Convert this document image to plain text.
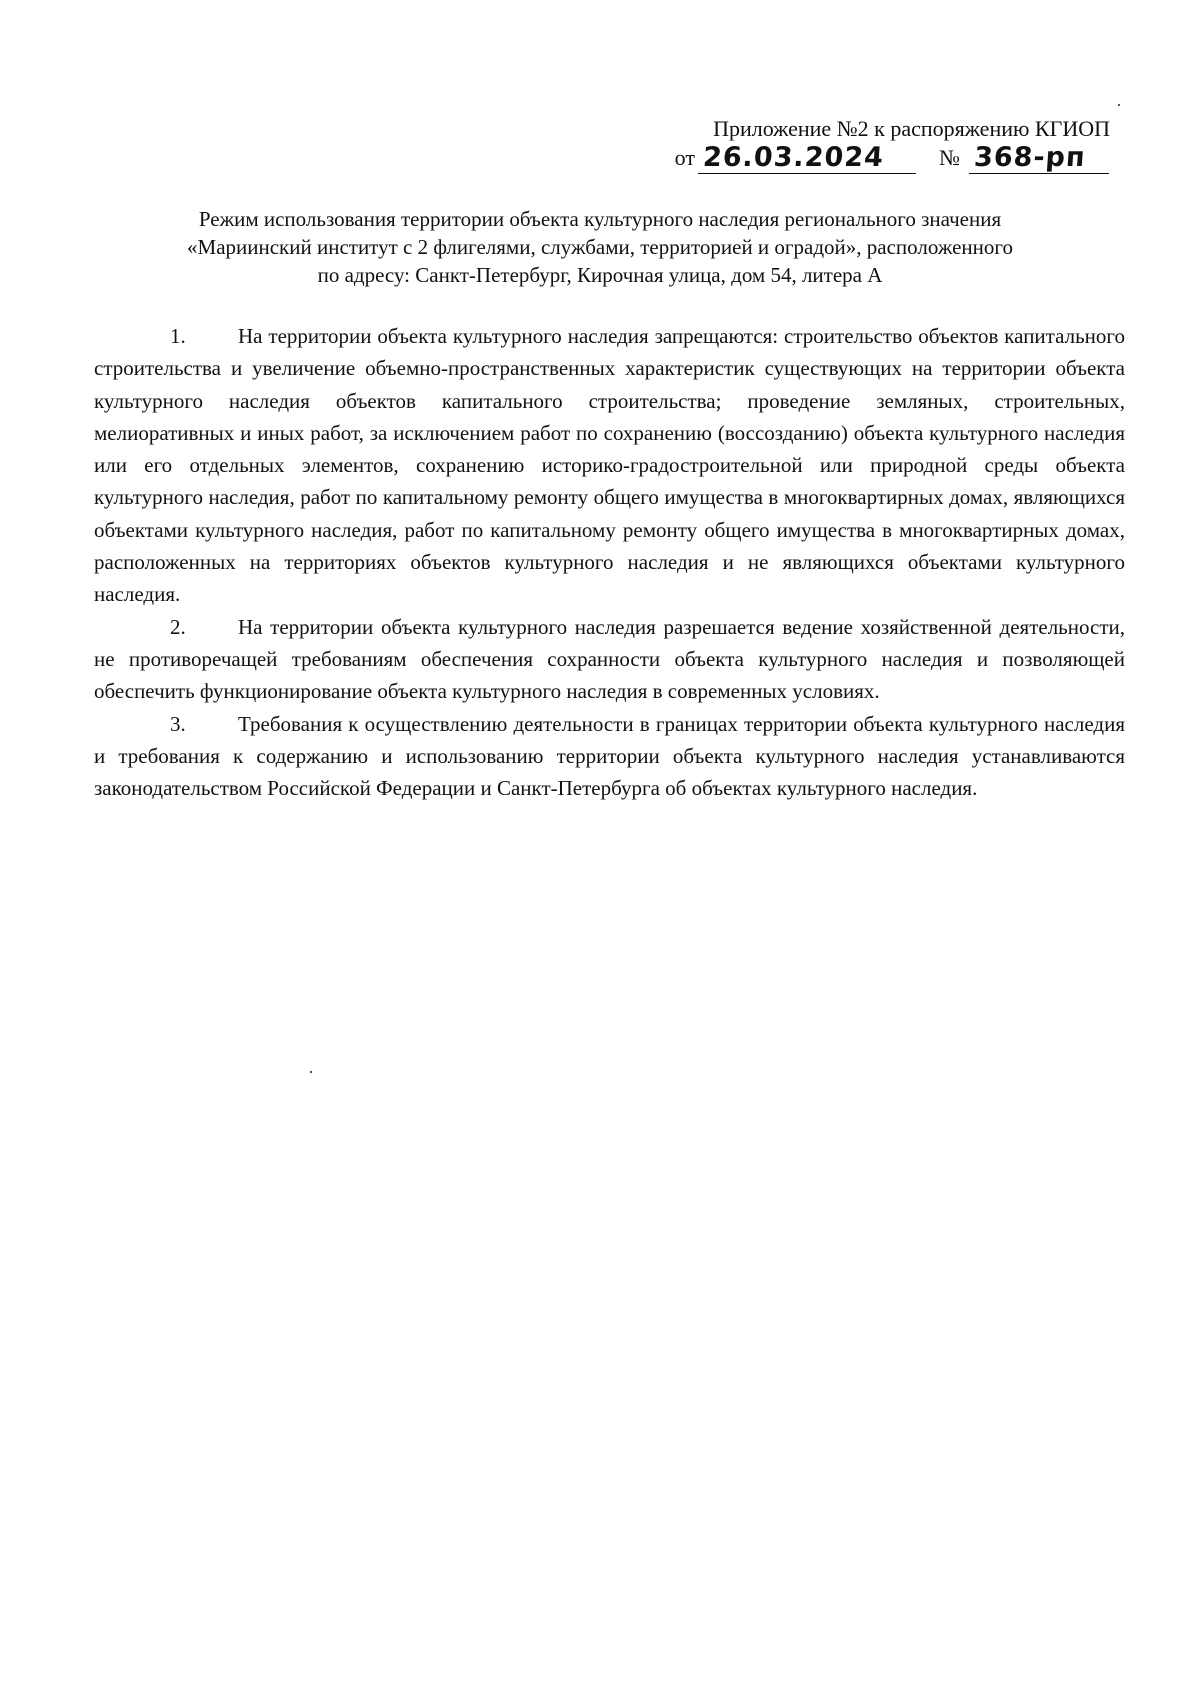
Приложение №2 к распоряжению КГИОП
от 26.03.2024	№ 368-рп
Режим использования территории объекта культурного наследия регионального значения
«Мариинский институт с 2 флигелями, службами, территорией и оградой», расположенного
по адресу: Санкт-Петербург, Кирочная улица, дом 54, литера А

1. На территории объекта культурного наследия запрещаются: строительство объектов капитального строительства и увеличение объемно-пространственных характеристик существующих на территории объекта культурного наследия объектов капитального строительства; проведение земляных, строительных, мелиоративных и иных работ, за исключением работ по сохранению (воссозданию) объекта культурного наследия или его отдельных элементов, сохранению историко-градостроительной или природной среды объекта культурного наследия, работ по капитальному ремонту общего имущества в многоквартирных домах, являющихся объектами культурного наследия, работ по капитальному ремонту общего имущества в многоквартирных домах, расположенных на территориях объектов культурного наследия и не являющихся объектами культурного наследия.

2. На территории объекта культурного наследия разрешается ведение хозяйственной деятельности, не противоречащей требованиям обеспечения сохранности объекта культурного наследия и позволяющей обеспечить функционирование объекта культурного наследия в современных условиях.

3. Требования к осуществлению деятельности в границах территории объекта культурного наследия и требования к содержанию и использованию территории объекта культурного наследия устанавливаются законодательством Российской Федерации и Санкт-Петербурга об объектах культурного наследия.
